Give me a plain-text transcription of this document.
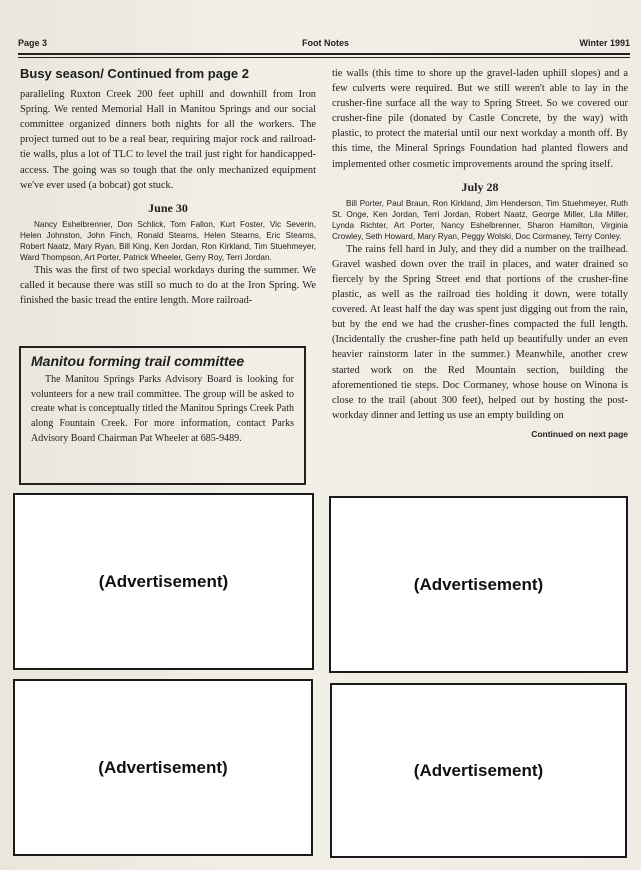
Page 3	Foot Notes	Winter 1991
Busy season/ Continued from page 2

paralleling Ruxton Creek 200 feet uphill and downhill from Iron Spring. We rented Memorial Hall in Manitou Springs and our social committee organized dinners both nights for all the workers. The project turned out to be a real bear, requiring major rock and railroad-tie walls, plus a lot of TLC to level the trail just right for handicapped-access. The going was so tough that the only mechanized equipment we've ever used (a bobcat) got stuck.

June 30

Nancy Eshelbrenner, Don Schlick, Tom Fallon, Kurt Foster, Vic Severin, Helen Johnston, John Finch, Ronald Stearns, Helen Stearns, Eric Stearns, Robert Naatz, Mary Ryan, Bill King, Ken Jordan, Ron Kirkland, Tim Stuehmeyer, Ward Thompson, Art Porter, Patrick Wheeler, Gerry Roy, Terri Jordan.

This was the first of two special workdays during the summer. We called it because there was still so much to do at the Iron Spring. We finished the basic tread the entire length. More railroad-

Manitou forming trail committee

The Manitou Springs Parks Advisory Board is looking for volunteers for a new trail committee. The group will be asked to create what is conceptually titled the Manitou Springs Creek Path along Fountain Creek. For more information, contact Parks Advisory Board Chairman Pat Wheeler at 685-9489.

tie walls (this time to shore up the gravel-laden uphill slopes) and a few culverts were required. But we still weren't able to lay in the crusher-fine surface all the way to Spring Street. So we covered our crusher-fine pile (donated by Castle Concrete, by the way) with plastic, to protect the material until our next workday a month off. By this time, the Mineral Springs Foundation had planted flowers and implemented other cosmetic improvements around the spring itself.

July 28

Bill Porter, Paul Braun, Ron Kirkland, Jim Henderson, Tim Stuehmeyer, Ruth St. Onge, Ken Jordan, Terri Jordan, Robert Naatz, George Miller, Lila Miller, Lynda Richter, Art Porter, Nancy Eshelbrenner, Sharon Hamilton, Virginia Crowley, Seth Howard, Mary Ryan, Peggy Wolski, Doc Cormaney, Terry Conley.

The rains fell hard in July, and they did a number on the trailhead. Gravel washed down over the trail in places, and water drained so fiercely by the Spring Street end that portions of the crusher-fine plastic, as well as the railroad ties holding it down, were totally covered. At least half the day was spent just digging out from the rain, but by the end we had the crusher-fines compacted the full length. (Incidentally the crusher-fine path held up beautifully under an even heavier rainstorm later in the summer.) Meanwhile, another crew started work on the Red Mountain section, building the aforementioned tie steps. Doc Cormaney, whose house on Winona is close to the trail (about 300 feet), helped out by hosting the post-workday dinner and letting us use an empty building on

Continued on next page
(Advertisement)	(Advertisement)
(Advertisement)	(Advertisement)
